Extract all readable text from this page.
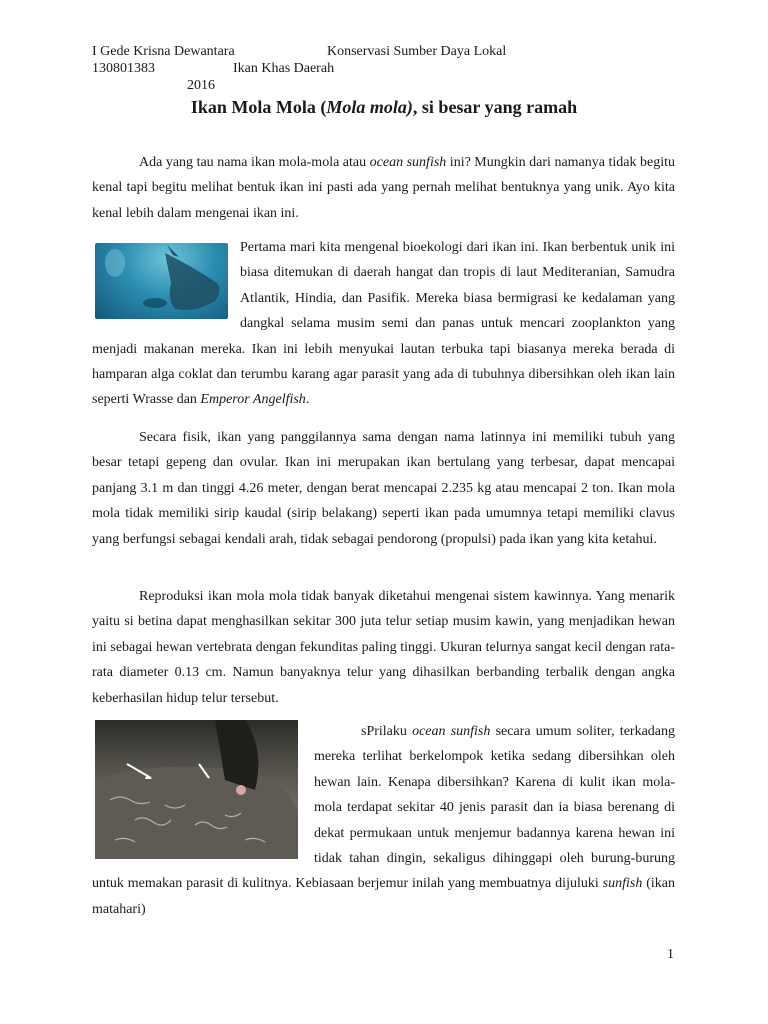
I Gede Krisna Dewantara	Konservasi Sumber Daya Lokal
130801383	Ikan Khas Daerah
2016
Ikan Mola Mola (Mola mola), si besar yang ramah

Ada yang tau nama ikan mola-mola atau ocean sunfish ini? Mungkin dari namanya tidak begitu kenal tapi begitu melihat bentuk ikan ini pasti ada yang pernah melihat bentuknya yang unik. Ayo kita kenal lebih dalam mengenai ikan ini.

Pertama mari kita mengenal bioekologi dari ikan ini. Ikan berbentuk unik ini biasa ditemukan di daerah hangat dan tropis di laut Mediteranian, Samudra Atlantik, Hindia, dan Pasifik. Mereka biasa bermigrasi ke kedalaman yang dangkal selama musim semi dan panas untuk mencari zooplankton yang menjadi makanan mereka. Ikan ini lebih menyukai lautan terbuka tapi biasanya mereka berada di hamparan alga coklat dan terumbu karang agar parasit yang ada di tubuhnya dibersihkan oleh ikan lain seperti Wrasse dan Emperor Angelfish.

Secara fisik, ikan yang panggilannya sama dengan nama latinnya ini memiliki tubuh yang besar tetapi gepeng dan ovular. Ikan ini merupakan ikan bertulang yang terbesar, dapat mencapai panjang 3.1 m dan tinggi 4.26 meter, dengan berat mencapai 2.235 kg atau mencapai 2 ton. Ikan mola mola tidak memiliki sirip kaudal (sirip belakang) seperti ikan pada umumnya tetapi memiliki clavus yang berfungsi sebagai kendali arah, tidak sebagai pendorong (propulsi) pada ikan yang kita ketahui.

Reproduksi ikan mola mola tidak banyak diketahui mengenai sistem kawinnya. Yang menarik yaitu si betina dapat menghasilkan sekitar 300 juta telur setiap musim kawin, yang menjadikan hewan ini sebagai hewan vertebrata dengan fekunditas paling tinggi. Ukuran telurnya sangat kecil dengan rata-rata diameter 0.13 cm. Namun banyaknya telur yang dihasilkan berbanding terbalik dengan angka keberhasilan hidup telur tersebut.

sPrilaku ocean sunfish secara umum soliter, terkadang mereka terlihat berkelompok ketika sedang dibersihkan oleh hewan lain. Kenapa dibersihkan? Karena di kulit ikan mola-mola terdapat sekitar 40 jenis parasit dan ia biasa berenang di dekat permukaan untuk menjemur badannya karena hewan ini tidak tahan dingin, sekaligus dihinggapi oleh burung-burung untuk memakan parasit di kulitnya. Kebiasaan berjemur inilah yang membuatnya dijuluki sunfish (ikan matahari)

1
